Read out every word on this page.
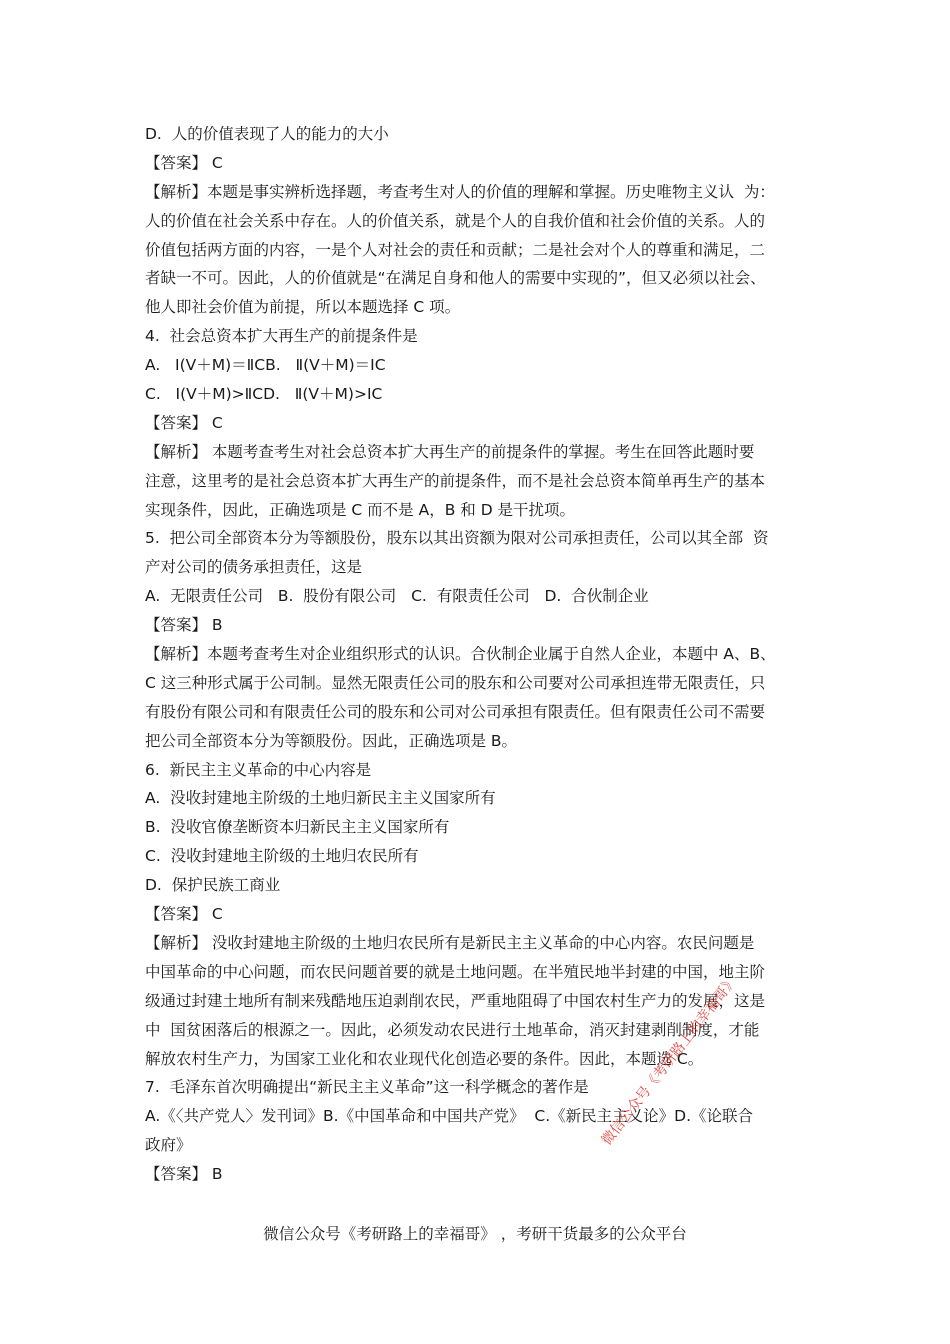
D.  人的价值表现了人的能力的大小
【答案】 C
【解析】本题是事实辨析选择题，考查考生对人的价值的理解和掌握。历史唯物主义认  为：
人的价值在社会关系中存在。人的价值关系，就是个人的自我价值和社会价值的关系。人的
价值包括两方面的内容，一是个人对社会的责任和贡献；二是社会对个人的尊重和满足，二
者缺一不可。因此，人的价值就是“在满足自身和他人的需要中实现的”，但又必须以社会、
他人即社会价值为前提，所以本题选择 C 项。
4.  社会总资本扩大再生产的前提条件是
A.   Ⅰ(V＋M)＝ⅡCB.   Ⅱ(V＋M)＝ⅠC
C.   Ⅰ(V＋M)>ⅡCD.   Ⅱ(V＋M)>ⅠC
【答案】 C
【解析】 本题考查考生对社会总资本扩大再生产的前提条件的掌握。考生在回答此题时要
注意，这里考的是社会总资本扩大再生产的前提条件，而不是社会总资本简单再生产的基本
实现条件，因此，正确选项是 C 而不是 A，B 和 D 是干扰项。
5.  把公司全部资本分为等额股份，股东以其出资额为限对公司承担责任，公司以其全部  资
产对公司的债务承担责任，这是
A.  无限责任公司   B.  股份有限公司   C.  有限责任公司   D.  合伙制企业
【答案】 B
【解析】本题考查考生对企业组织形式的认识。合伙制企业属于自然人企业，本题中 A、B、
C 这三种形式属于公司制。显然无限责任公司的股东和公司要对公司承担连带无限责任，只
有股份有限公司和有限责任公司的股东和公司对公司承担有限责任。但有限责任公司不需要
把公司全部资本分为等额股份。因此，正确选项是 B。
6.  新民主主义革命的中心内容是
A.  没收封建地主阶级的土地归新民主主义国家所有
B.  没收官僚垄断资本归新民主主义国家所有
C.  没收封建地主阶级的土地归农民所有
D.  保护民族工商业
【答案】 C
【解析】 没收封建地主阶级的土地归农民所有是新民主主义革命的中心内容。农民问题是
中国革命的中心问题，而农民问题首要的就是土地问题。在半殖民地半封建的中国，地主阶
级通过封建土地所有制来残酷地压迫剥削农民，严重地阻碍了中国农村生产力的发展，这是
中  国贫困落后的根源之一。因此，必须发动农民进行土地革命，消灭封建剥削制度，才能
解放农村生产力，为国家工业化和农业现代化创造必要的条件。因此，本题选 C。
7.  毛泽东首次明确提出“新民主主义革命”这一科学概念的著作是
A.《〈共产党人〉发刊词》B.《中国革命和中国共产党》  C.《新民主主义论》D.《论联合
政府》
【答案】 B
微信公众号《考研路上的幸福哥》
微信公众号《考研路上的幸福哥》 ，考研干货最多的公众平台
